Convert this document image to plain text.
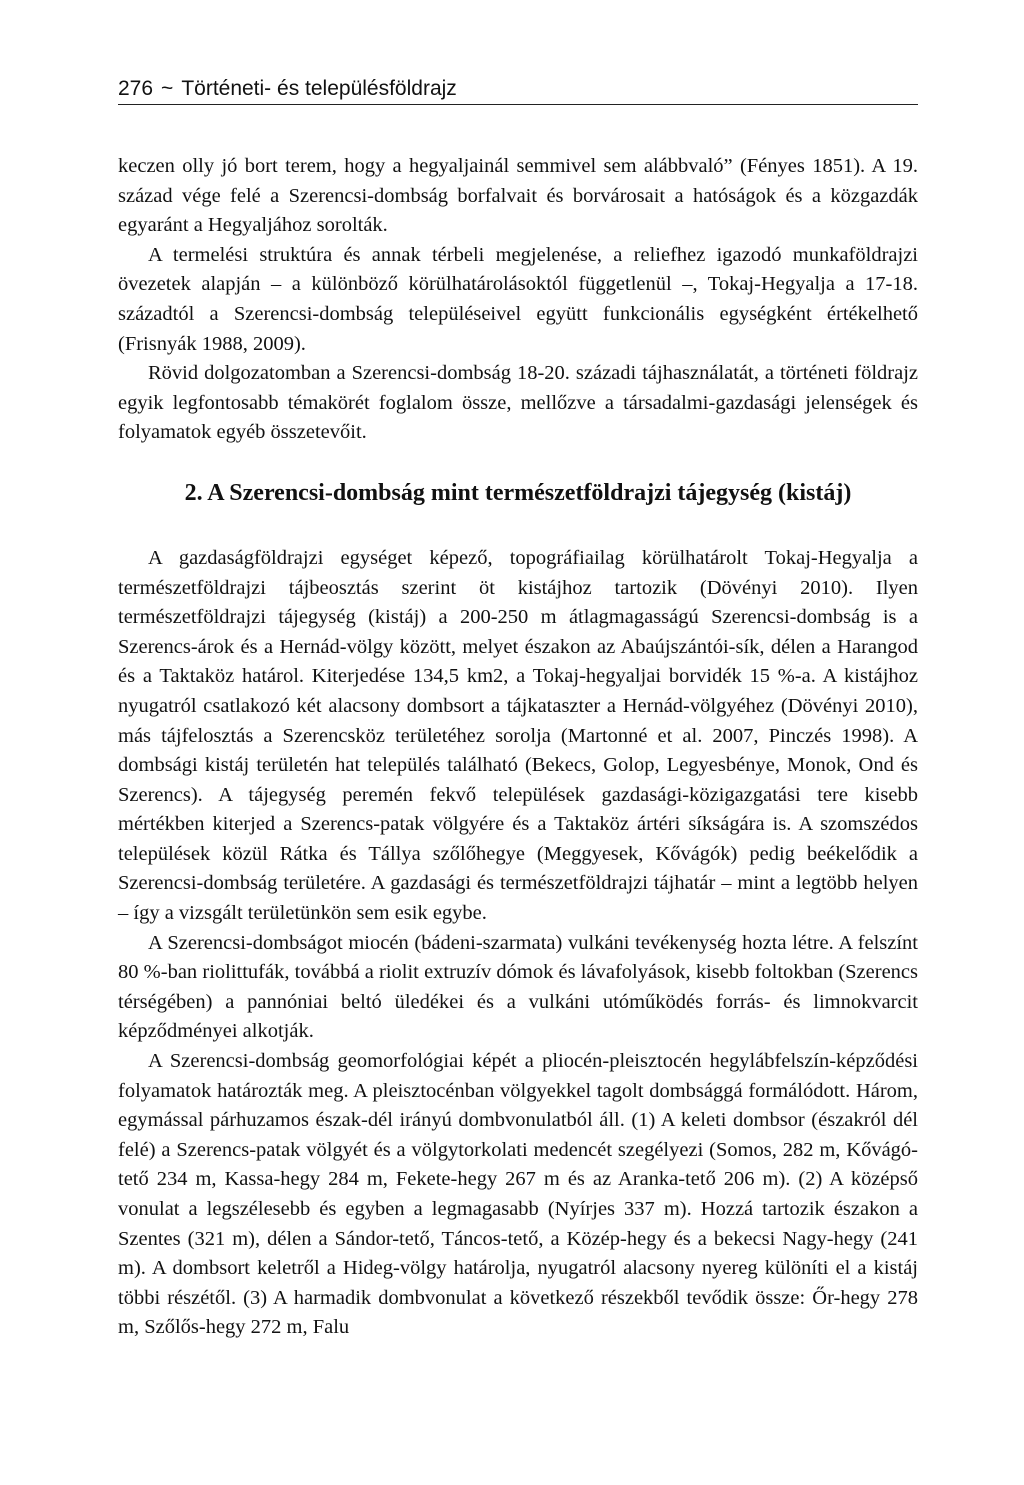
276 ~ Történeti- és településföldrajz

keczen olly jó bort terem, hogy a hegyaljainál semmivel sem alábbvaló” (Fényes 1851). A 19. század vége felé a Szerencsi-dombság borfalvait és borvárosait a hatóságok és a közgazdák egyaránt a Hegyaljához sorolták.

A termelési struktúra és annak térbeli megjelenése, a reliefhez igazodó munkaföldrajzi övezetek alapján – a különböző körülhatárolásoktól függetlenül –, Tokaj-Hegyalja a 17-18. századtól a Szerencsi-dombság településeivel együtt funkcionális egységként értékelhető (Frisnyák 1988, 2009).

Rövid dolgozatomban a Szerencsi-dombság 18-20. századi tájhasználatát, a történeti földrajz egyik legfontosabb témakörét foglalom össze, mellőzve a társadalmi-gazdasági jelenségek és folyamatok egyéb összetevőit.

2. A Szerencsi-dombság mint természetföldrajzi tájegység (kistáj)

A gazdaságföldrajzi egységet képező, topográfiailag körülhatárolt Tokaj-Hegyalja a természetföldrajzi tájbeosztás szerint öt kistájhoz tartozik (Dövényi 2010). Ilyen természetföldrajzi tájegység (kistáj) a 200-250 m átlagmagasságú Szerencsi-dombság is a Szerencs-árok és a Hernád-völgy között, melyet északon az Abaújszántói-sík, délen a Harangod és a Taktaköz határol. Kiterjedése 134,5 km2, a Tokaj-hegyaljai borvidék 15 %-a. A kistájhoz nyugatról csatlakozó két alacsony dombsort a tájkataszter a Hernád-völgyéhez (Dövényi 2010), más tájfelosztás a Szerencsköz területéhez sorolja (Martonné et al. 2007, Pinczés 1998). A dombsági kistáj területén hat település található (Bekecs, Golop, Legyesbénye, Monok, Ond és Szerencs). A tájegység peremén fekvő települések gazdasági-közigazgatási tere kisebb mértékben kiterjed a Szerencs-patak völgyére és a Taktaköz ártéri síkságára is. A szomszédos települések közül Rátka és Tállya szőlőhegye (Meggyesek, Kővágók) pedig beékelődik a Szerencsi-dombság területére. A gazdasági és természetföldrajzi tájhatár – mint a legtöbb helyen – így a vizsgált területünkön sem esik egybe.

A Szerencsi-dombságot miocén (bádeni-szarmata) vulkáni tevékenység hozta létre. A felszínt 80 %-ban riolittufák, továbbá a riolit extruzív dómok és lávafolyások, kisebb foltokban (Szerencs térségében) a pannóniai beltó üledékei és a vulkáni utóműködés forrás- és limnokvarcit képződményei alkotják.

A Szerencsi-dombság geomorfológiai képét a pliocén-pleisztocén hegylábfelszín-képződési folyamatok határozták meg. A pleisztocénban völgyekkel tagolt dombsággá formálódott. Három, egymással párhuzamos észak-dél irányú dombvonulatból áll. (1) A keleti dombsor (északról dél felé) a Szerencs-patak völgyét és a völgytorkolati medencét szegélyezi (Somos, 282 m, Kővágó-tető 234 m, Kassa-hegy 284 m, Fekete-hegy 267 m és az Aranka-tető 206 m). (2) A középső vonulat a legszélesebb és egyben a legmagasabb (Nyírjes 337 m). Hozzá tartozik északon a Szentes (321 m), délen a Sándor-tető, Táncos-tető, a Közép-hegy és a bekecsi Nagy-hegy (241 m). A dombsort keletről a Hideg-völgy határolja, nyugatról alacsony nyereg különíti el a kistáj többi részétől. (3) A harmadik dombvonulat a következő részekből tevődik össze: Őr-hegy 278 m, Szőlős-hegy 272 m, Falu
